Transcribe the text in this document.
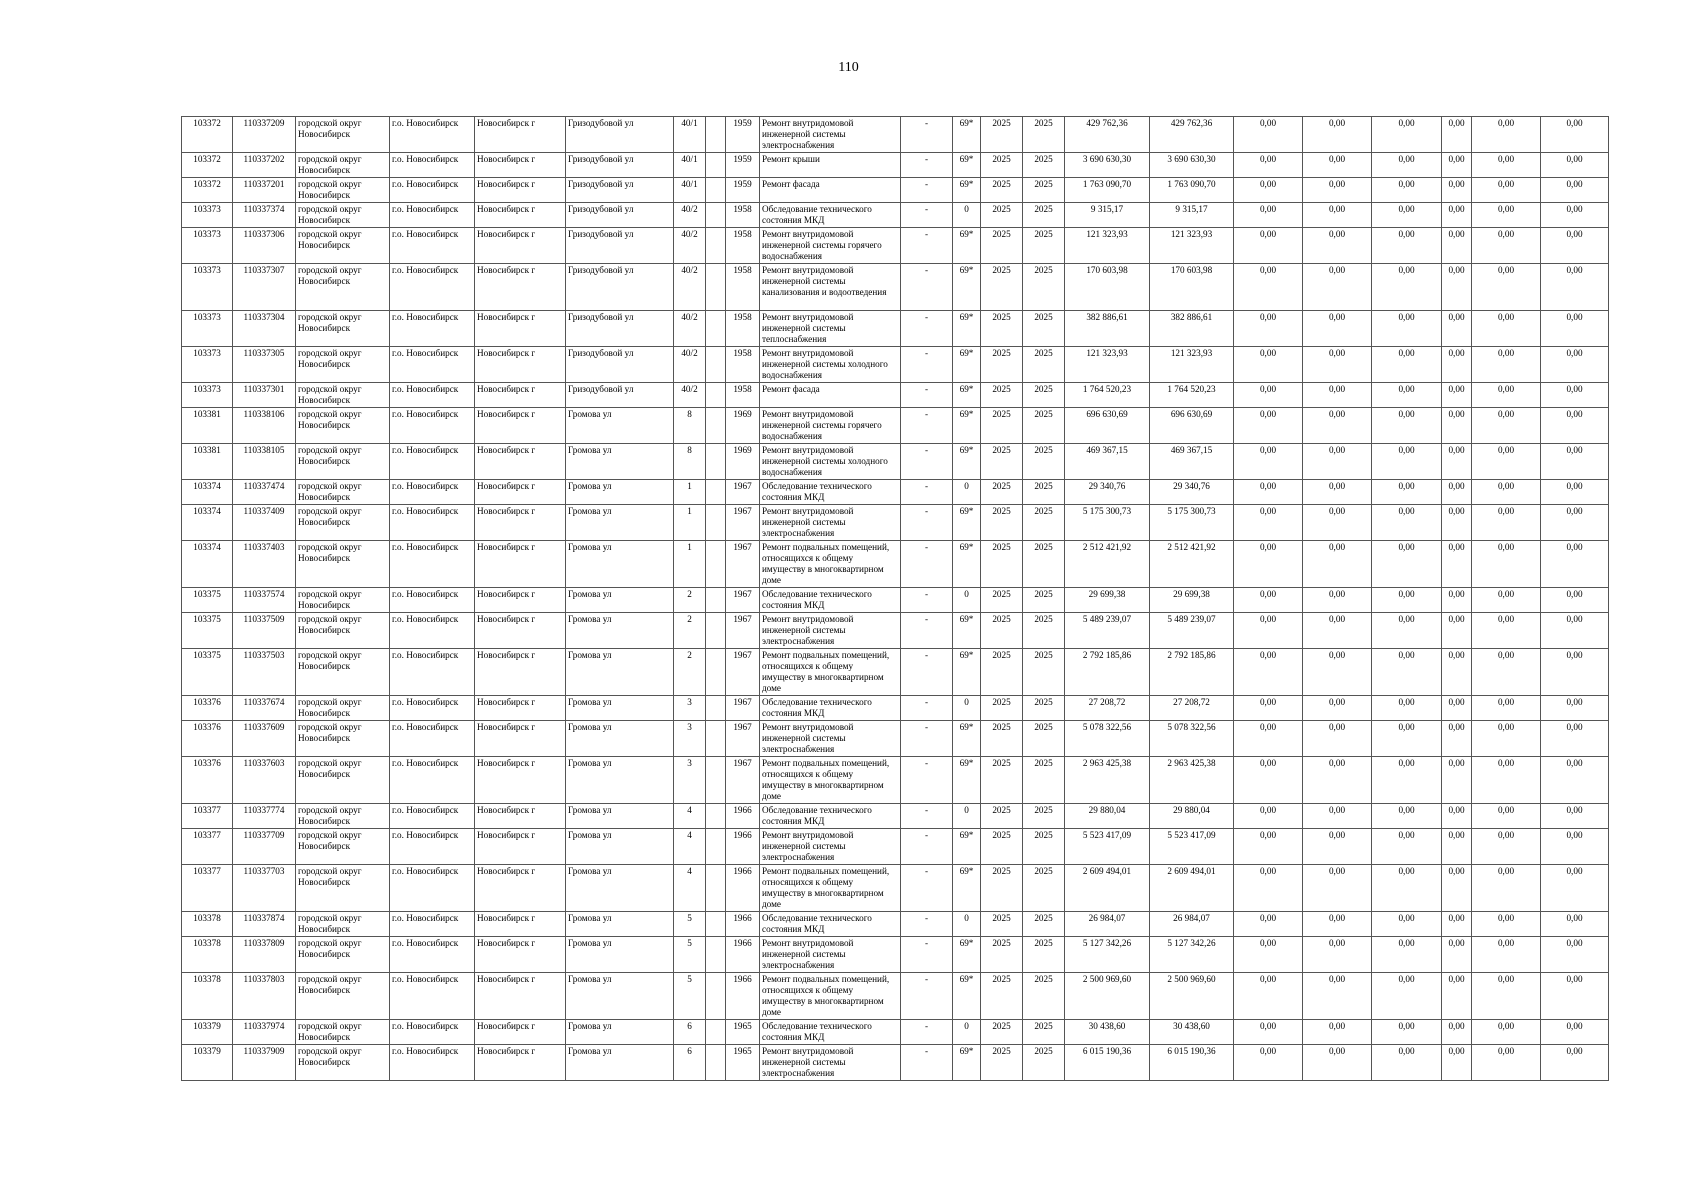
110
103372	110337209	городской округ Новосибирск	г.о. Новосибирск	Новосибирск г	Гризодубовой ул	40/1		1959	Ремонт внутридомовой инженерной системы электроснабжения	-	69*	2025	2025	429 762,36	429 762,36	0,00	0,00	0,00	0,00	0,00	0,00
103372	110337202	городской округ Новосибирск	г.о. Новосибирск	Новосибирск г	Гризодубовой ул	40/1		1959	Ремонт крыши	-	69*	2025	2025	3 690 630,30	3 690 630,30	0,00	0,00	0,00	0,00	0,00	0,00
103372	110337201	городской округ Новосибирск	г.о. Новосибирск	Новосибирск г	Гризодубовой ул	40/1		1959	Ремонт фасада	-	69*	2025	2025	1 763 090,70	1 763 090,70	0,00	0,00	0,00	0,00	0,00	0,00
103373	110337374	городской округ Новосибирск	г.о. Новосибирск	Новосибирск г	Гризодубовой ул	40/2		1958	Обследование технического состояния МКД	-	0	2025	2025	9 315,17	9 315,17	0,00	0,00	0,00	0,00	0,00	0,00
103373	110337306	городской округ Новосибирск	г.о. Новосибирск	Новосибирск г	Гризодубовой ул	40/2		1958	Ремонт внутридомовой инженерной системы горячего водоснабжения	-	69*	2025	2025	121 323,93	121 323,93	0,00	0,00	0,00	0,00	0,00	0,00
103373	110337307	городской округ Новосибирск	г.о. Новосибирск	Новосибирск г	Гризодубовой ул	40/2		1958	Ремонт внутридомовой инженерной системы канализования и водоотведения	-	69*	2025	2025	170 603,98	170 603,98	0,00	0,00	0,00	0,00	0,00	0,00
103373	110337304	городской округ Новосибирск	г.о. Новосибирск	Новосибирск г	Гризодубовой ул	40/2		1958	Ремонт внутридомовой инженерной системы теплоснабжения	-	69*	2025	2025	382 886,61	382 886,61	0,00	0,00	0,00	0,00	0,00	0,00
103373	110337305	городской округ Новосибирск	г.о. Новосибирск	Новосибирск г	Гризодубовой ул	40/2		1958	Ремонт внутридомовой инженерной системы холодного водоснабжения	-	69*	2025	2025	121 323,93	121 323,93	0,00	0,00	0,00	0,00	0,00	0,00
103373	110337301	городской округ Новосибирск	г.о. Новосибирск	Новосибирск г	Гризодубовой ул	40/2		1958	Ремонт фасада	-	69*	2025	2025	1 764 520,23	1 764 520,23	0,00	0,00	0,00	0,00	0,00	0,00
103381	110338106	городской округ Новосибирск	г.о. Новосибирск	Новосибирск г	Громова ул	8		1969	Ремонт внутридомовой инженерной системы горячего водоснабжения	-	69*	2025	2025	696 630,69	696 630,69	0,00	0,00	0,00	0,00	0,00	0,00
103381	110338105	городской округ Новосибирск	г.о. Новосибирск	Новосибирск г	Громова ул	8		1969	Ремонт внутридомовой инженерной системы холодного водоснабжения	-	69*	2025	2025	469 367,15	469 367,15	0,00	0,00	0,00	0,00	0,00	0,00
103374	110337474	городской округ Новосибирск	г.о. Новосибирск	Новосибирск г	Громова ул	1		1967	Обследование технического состояния МКД	-	0	2025	2025	29 340,76	29 340,76	0,00	0,00	0,00	0,00	0,00	0,00
103374	110337409	городской округ Новосибирск	г.о. Новосибирск	Новосибирск г	Громова ул	1		1967	Ремонт внутридомовой инженерной системы электроснабжения	-	69*	2025	2025	5 175 300,73	5 175 300,73	0,00	0,00	0,00	0,00	0,00	0,00
103374	110337403	городской округ Новосибирск	г.о. Новосибирск	Новосибирск г	Громова ул	1		1967	Ремонт подвальных помещений, относящихся к общему имуществу в многоквартирном доме	-	69*	2025	2025	2 512 421,92	2 512 421,92	0,00	0,00	0,00	0,00	0,00	0,00
103375	110337574	городской округ Новосибирск	г.о. Новосибирск	Новосибирск г	Громова ул	2		1967	Обследование технического состояния МКД	-	0	2025	2025	29 699,38	29 699,38	0,00	0,00	0,00	0,00	0,00	0,00
103375	110337509	городской округ Новосибирск	г.о. Новосибирск	Новосибирск г	Громова ул	2		1967	Ремонт внутридомовой инженерной системы электроснабжения	-	69*	2025	2025	5 489 239,07	5 489 239,07	0,00	0,00	0,00	0,00	0,00	0,00
103375	110337503	городской округ Новосибирск	г.о. Новосибирск	Новосибирск г	Громова ул	2		1967	Ремонт подвальных помещений, относящихся к общему имуществу в многоквартирном доме	-	69*	2025	2025	2 792 185,86	2 792 185,86	0,00	0,00	0,00	0,00	0,00	0,00
103376	110337674	городской округ Новосибирск	г.о. Новосибирск	Новосибирск г	Громова ул	3		1967	Обследование технического состояния МКД	-	0	2025	2025	27 208,72	27 208,72	0,00	0,00	0,00	0,00	0,00	0,00
103376	110337609	городской округ Новосибирск	г.о. Новосибирск	Новосибирск г	Громова ул	3		1967	Ремонт внутридомовой инженерной системы электроснабжения	-	69*	2025	2025	5 078 322,56	5 078 322,56	0,00	0,00	0,00	0,00	0,00	0,00
103376	110337603	городской округ Новосибирск	г.о. Новосибирск	Новосибирск г	Громова ул	3		1967	Ремонт подвальных помещений, относящихся к общему имуществу в многоквартирном доме	-	69*	2025	2025	2 963 425,38	2 963 425,38	0,00	0,00	0,00	0,00	0,00	0,00
103377	110337774	городской округ Новосибирск	г.о. Новосибирск	Новосибирск г	Громова ул	4		1966	Обследование технического состояния МКД	-	0	2025	2025	29 880,04	29 880,04	0,00	0,00	0,00	0,00	0,00	0,00
103377	110337709	городской округ Новосибирск	г.о. Новосибирск	Новосибирск г	Громова ул	4		1966	Ремонт внутридомовой инженерной системы электроснабжения	-	69*	2025	2025	5 523 417,09	5 523 417,09	0,00	0,00	0,00	0,00	0,00	0,00
103377	110337703	городской округ Новосибирск	г.о. Новосибирск	Новосибирск г	Громова ул	4		1966	Ремонт подвальных помещений, относящихся к общему имуществу в многоквартирном доме	-	69*	2025	2025	2 609 494,01	2 609 494,01	0,00	0,00	0,00	0,00	0,00	0,00
103378	110337874	городской округ Новосибирск	г.о. Новосибирск	Новосибирск г	Громова ул	5		1966	Обследование технического состояния МКД	-	0	2025	2025	26 984,07	26 984,07	0,00	0,00	0,00	0,00	0,00	0,00
103378	110337809	городской округ Новосибирск	г.о. Новосибирск	Новосибирск г	Громова ул	5		1966	Ремонт внутридомовой инженерной системы электроснабжения	-	69*	2025	2025	5 127 342,26	5 127 342,26	0,00	0,00	0,00	0,00	0,00	0,00
103378	110337803	городской округ Новосибирск	г.о. Новосибирск	Новосибирск г	Громова ул	5		1966	Ремонт подвальных помещений, относящихся к общему имуществу в многоквартирном доме	-	69*	2025	2025	2 500 969,60	2 500 969,60	0,00	0,00	0,00	0,00	0,00	0,00
103379	110337974	городской округ Новосибирск	г.о. Новосибирск	Новосибирск г	Громова ул	6		1965	Обследование технического состояния МКД	-	0	2025	2025	30 438,60	30 438,60	0,00	0,00	0,00	0,00	0,00	0,00
103379	110337909	городской округ Новосибирск	г.о. Новосибирск	Новосибирск г	Громова ул	6		1965	Ремонт внутридомовой инженерной системы электроснабжения	-	69*	2025	2025	6 015 190,36	6 015 190,36	0,00	0,00	0,00	0,00	0,00	0,00
